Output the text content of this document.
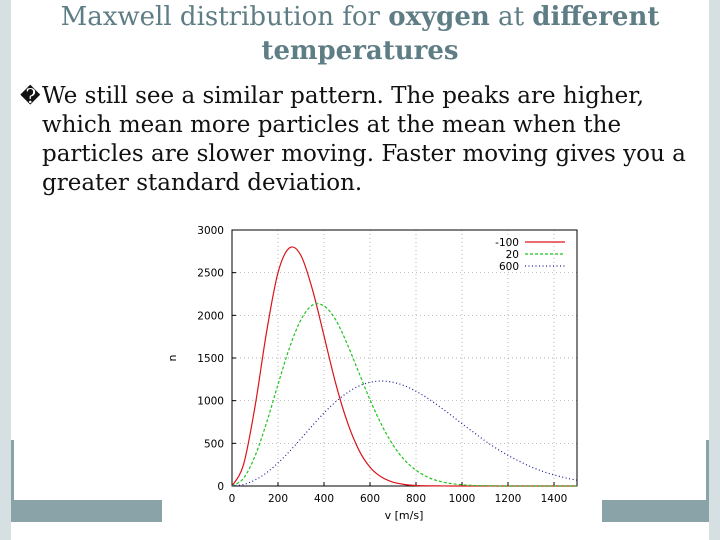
Maxwell distribution for oxygen at different temperatures
� We still see a similar pattern. The peaks are higher, which mean more particles at the mean when the particles are slower moving. Faster moving gives you a greater standard deviation.
0	200 400 600 800 1000 1200 1400
0
500
1000
1500
2000
2500
3000
-100
20
600
v [m/s]
n
